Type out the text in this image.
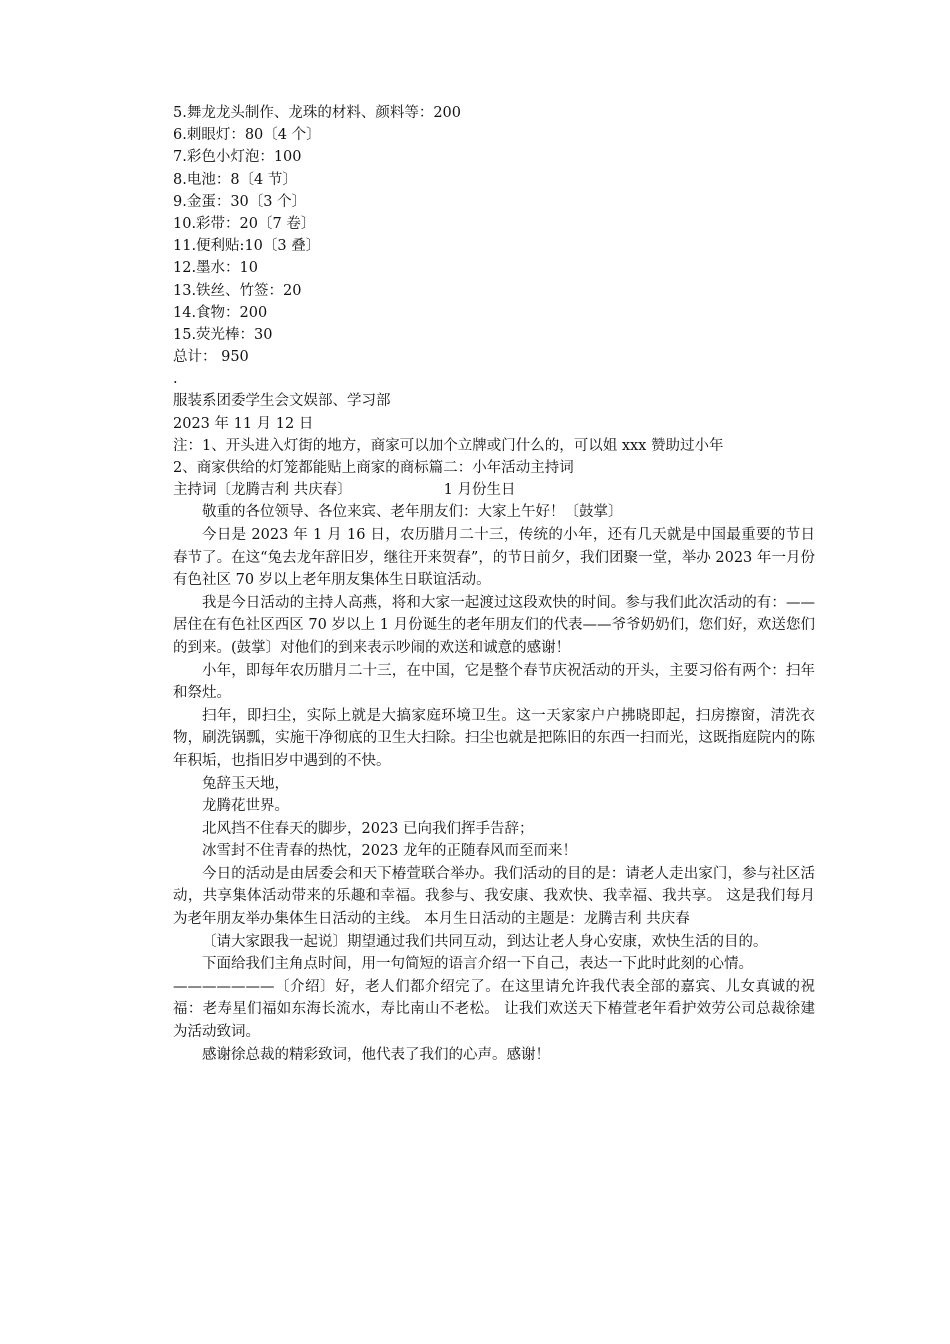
5.舞龙龙头制作、龙珠的材料、颜料等：200
6.刺眼灯：80〔4 个〕
7.彩色小灯泡：100
8.电池：8〔4 节〕
9.金蛋：30〔3 个〕
10.彩带：20〔7 卷〕
11.便利贴:10〔3 叠〕
12.墨水：10
13.铁丝、竹签：20
14.食物：200
15.荧光棒：30
总计： 950
.
服装系团委学生会文娱部、学习部
2023 年 11 月 12 日
注：1、开头进入灯街的地方，商家可以加个立牌或门什么的，可以姐 xxx 赞助过小年
2、商家供给的灯笼都能贴上商家的商标篇二：小年活动主持词
主持词〔龙腾吉利 共庆春〕	1 月份生日

敬重的各位领导、各位来宾、老年朋友们：大家上午好！〔鼓掌〕

今日是 2023 年 1 月 16 日，农历腊月二十三，传统的小年，还有几天就是中国最重要的节日春节了。在这“兔去龙年辞旧岁，继往开来贺春”，的节日前夕，我们团聚一堂，举办 2023 年一月份有色社区 70 岁以上老年朋友集体生日联谊活动。

我是今日活动的主持人高燕，将和大家一起渡过这段欢快的时间。参与我们此次活动的有：——居住在有色社区西区 70 岁以上 1 月份诞生的老年朋友们的代表——爷爷奶奶们，您们好，欢送您们的到来。(鼓掌〕对他们的到来表示吵闹的欢送和诚意的感谢！

小年，即每年农历腊月二十三，在中国，它是整个春节庆祝活动的开头，主要习俗有两个：扫年和祭灶。

扫年，即扫尘，实际上就是大搞家庭环境卫生。这一天家家户户拂晓即起，扫房擦窗，清洗衣物，刷洗锅瓢，实施干净彻底的卫生大扫除。扫尘也就是把陈旧的东西一扫而光，这既指庭院内的陈年积垢，也指旧岁中遇到的不快。

兔辞玉天地，

龙腾花世界。

北风挡不住春天的脚步，2023 已向我们挥手告辞；

冰雪封不住青春的热忱，2023 龙年的正随春风而至而来！

今日的活动是由居委会和天下椿萱联合举办。我们活动的目的是：请老人走出家门，参与社区活动，共享集体活动带来的乐趣和幸福。我参与、我安康、我欢快、我幸福、我共享。 这是我们每月为老年朋友举办集体生日活动的主线。 本月生日活动的主题是：龙腾吉利 共庆春

〔请大家跟我一起说〕期望通过我们共同互动，到达让老人身心安康，欢快生活的目的。

下面给我们主角点时间，用一句简短的语言介绍一下自己，表达一下此时此刻的心情。

———————〔介绍〕好，老人们都介绍完了。在这里请允许我代表全部的嘉宾、儿女真诚的祝福：老寿星们福如东海长流水，寿比南山不老松。 让我们欢送天下椿萱老年看护效劳公司总裁徐建为活动致词。

感谢徐总裁的精彩致词，他代表了我们的心声。感谢！
